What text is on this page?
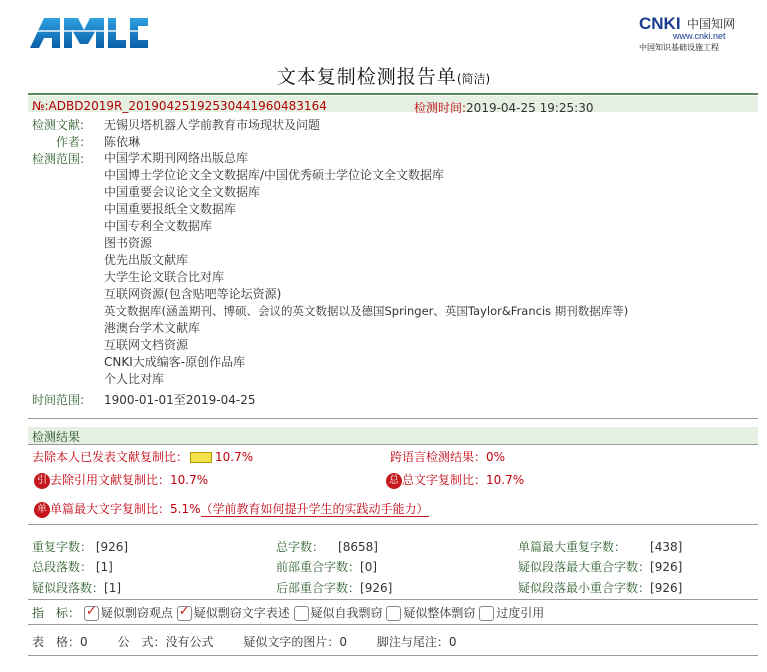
CNKI 中国知网
www.cnki.net
中国知识基础设施工程
文本复制检测报告单(简洁)
№:ADBD2019R_20190425192530441960483164	检测时间:2019-04-25 19:25:30
检测文献: 无锡贝塔机器人学前教育市场现状及问题
作者: 陈依琳
检测范围: 中国学术期刊网络出版总库
中国博士学位论文全文数据库/中国优秀硕士学位论文全文数据库
中国重要会议论文全文数据库
中国重要报纸全文数据库
中国专利全文数据库
图书资源
优先出版文献库
大学生论文联合比对库
互联网资源(包含贴吧等论坛资源)
英文数据库(涵盖期刊、博硕、会议的英文数据以及德国Springer、英国Taylor&Francis 期刊数据库等)
港澳台学术文献库
互联网文档资源
CNKI大成编客-原创作品库
个人比对库
时间范围: 1900-01-01至2019-04-25
检测结果
去除本人已发表文献复制比： 10.7%	跨语言检测结果：0%
引 去除引用文献复制比：10.7%	总 总文字复制比：10.7%
单 单篇最大文字复制比：5.1%（学前教育如何提升学生的实践动手能力）
重复字数： [926]	总字数： [8658]	单篇最大重复字数： [438]
总段落数： [1]	前部重合字数：[0]	疑似段落最大重合字数：[926]
疑似段落数：[1]	后部重合字数：[926]	疑似段落最小重合字数：[926]
指　标： ✓ 疑似剽窃观点 ✓ 疑似剽窃文字表述 疑似自我剽窃 疑似整体剽窃 过度引用
表　格：0 公　式：没有公式 疑似文字的图片：0 脚注与尾注：0
